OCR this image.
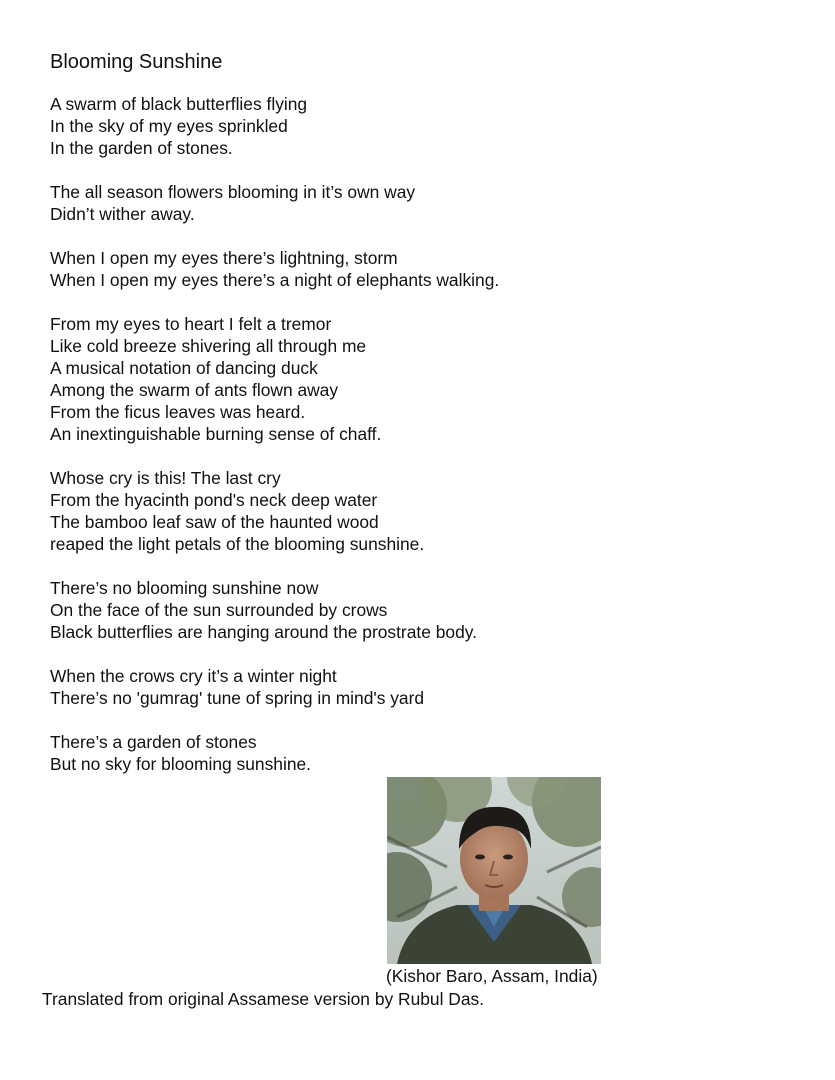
Blooming Sunshine
A swarm of black butterflies flying
In the sky of my eyes sprinkled
In the garden of stones.
The all season flowers blooming in it’s own way
Didn’t wither away.
When I open my eyes there’s lightning, storm
When I open my eyes there’s a night of elephants walking.
From my eyes to heart I felt a tremor
Like cold breeze shivering all through me
A musical notation of dancing duck
Among the swarm of ants flown away
From the ficus leaves was heard.
An inextinguishable burning sense of chaff.
Whose cry is this! The last cry
From the hyacinth pond's neck deep water
The bamboo leaf saw of the haunted wood
reaped the light petals of the blooming sunshine.
There’s no blooming sunshine now
On the face of the sun surrounded by crows
Black butterflies are hanging around the prostrate body.
When the crows cry it’s a winter night
There’s no 'gumrag' tune of spring in mind's yard
There’s a garden of stones
But no sky for blooming sunshine.
(Kishor Baro, Assam, India)
Translated from original Assamese version by Rubul Das.
